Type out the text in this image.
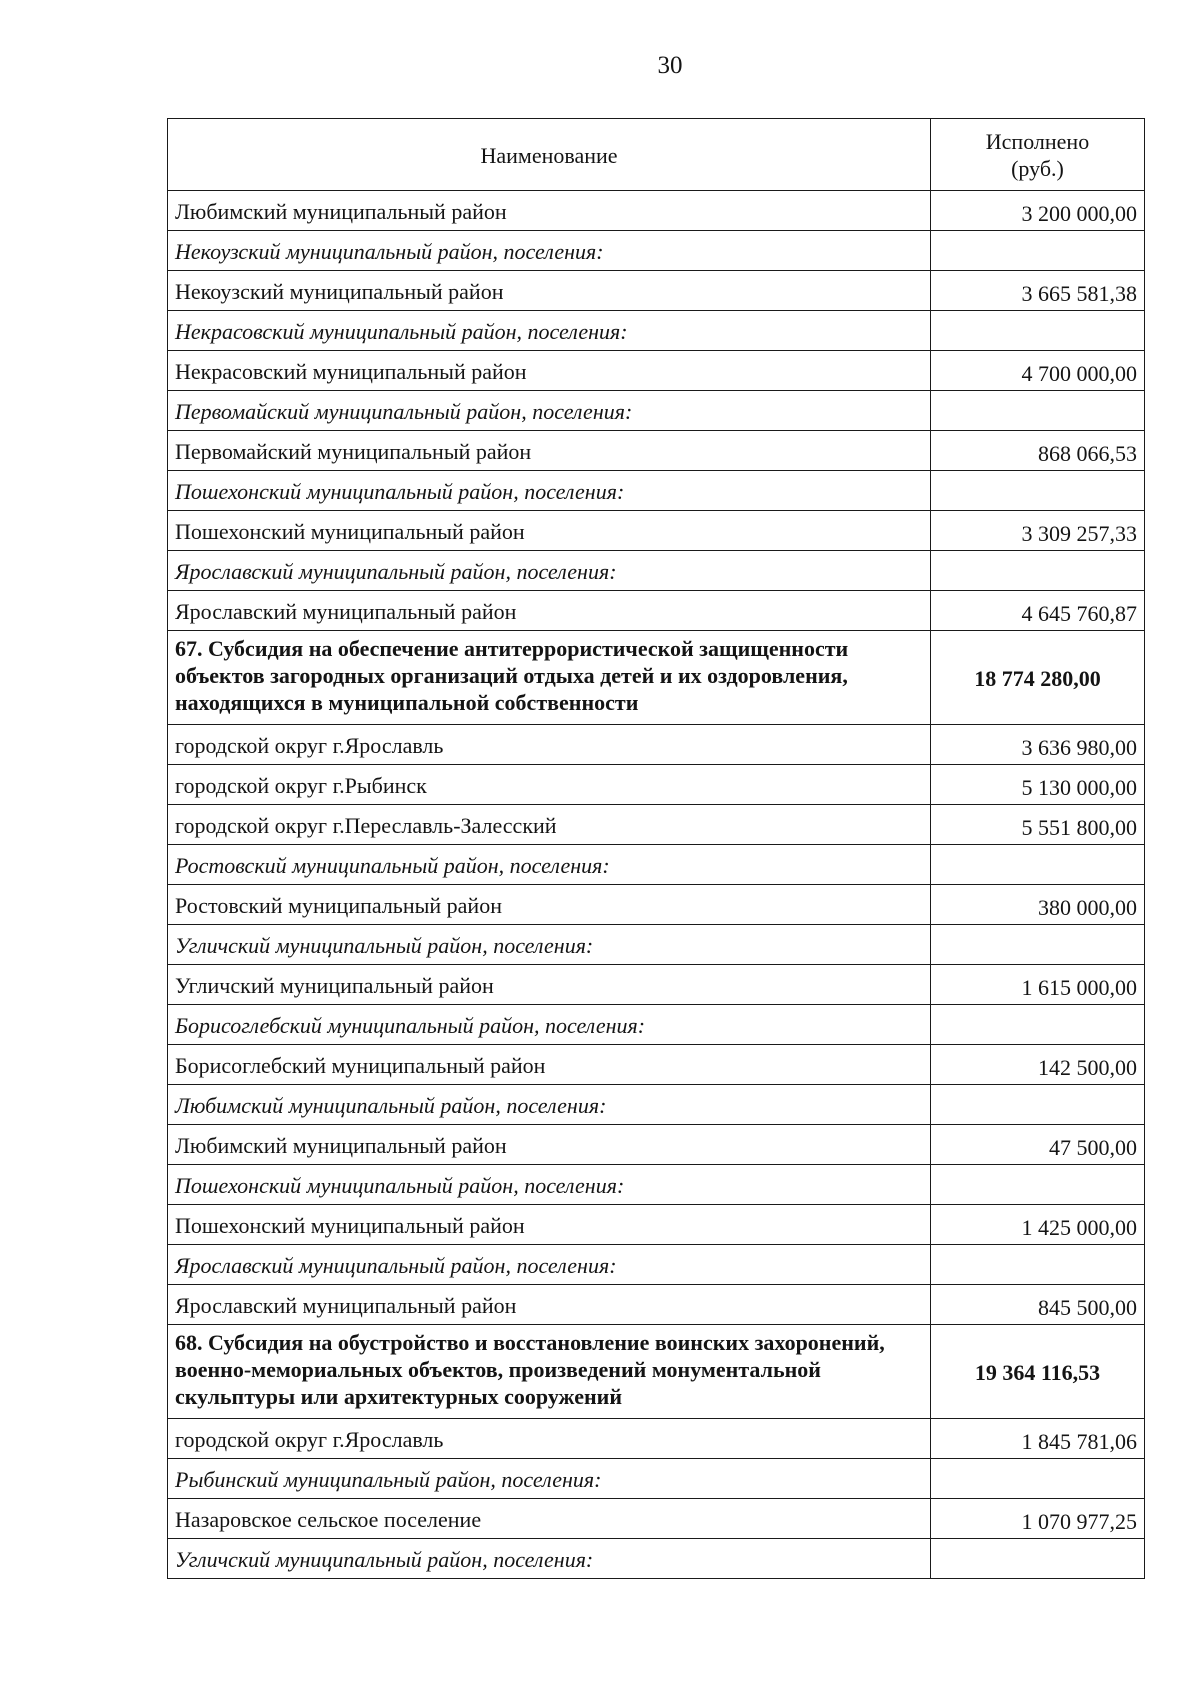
30
Наименование	Исполнено
(руб.)
Любимский муниципальный район	3 200 000,00
Некоузский муниципальный район, поселения:	
Некоузский муниципальный район	3 665 581,38
Некрасовский муниципальный район, поселения:	
Некрасовский муниципальный район	4 700 000,00
Первомайский муниципальный район, поселения:	
Первомайский муниципальный район	868 066,53
Пошехонский муниципальный район, поселения:	
Пошехонский муниципальный район	3 309 257,33
Ярославский муниципальный район, поселения:	
Ярославский муниципальный район	4 645 760,87
67. Субсидия на обеспечение антитеррористической защищенности объектов загородных организаций отдыха детей и их оздоровления, находящихся в муниципальной собственности	18 774 280,00
городской округ г.Ярославль	3 636 980,00
городской округ г.Рыбинск	5 130 000,00
городской округ г.Переславль-Залесский	5 551 800,00
Ростовский муниципальный район, поселения:	
Ростовский муниципальный район	380 000,00
Угличский муниципальный район, поселения:	
Угличский муниципальный район	1 615 000,00
Борисоглебский муниципальный район, поселения:	
Борисоглебский муниципальный район	142 500,00
Любимский муниципальный район, поселения:	
Любимский муниципальный район	47 500,00
Пошехонский муниципальный район, поселения:	
Пошехонский муниципальный район	1 425 000,00
Ярославский муниципальный район, поселения:	
Ярославский муниципальный район	845 500,00
68. Субсидия на обустройство и восстановление воинских захоронений, военно-мемориальных объектов, произведений монументальной скульптуры или архитектурных сооружений	19 364 116,53
городской округ г.Ярославль	1 845 781,06
Рыбинский муниципальный район, поселения:	
Назаровское сельское поселение	1 070 977,25
Угличский муниципальный район, поселения:	
